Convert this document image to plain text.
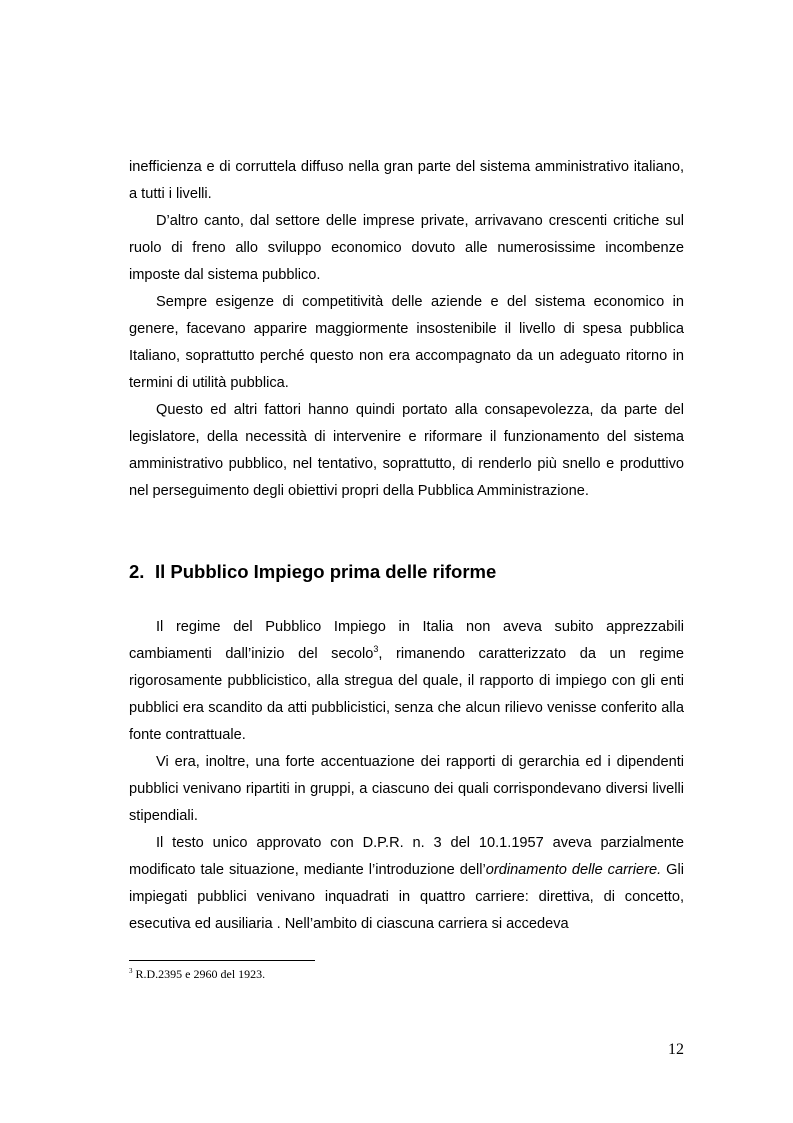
inefficienza e di corruttela diffuso nella gran parte del sistema amministrativo italiano, a tutti i livelli.

D’altro canto, dal settore delle imprese private, arrivavano crescenti critiche sul ruolo di freno allo sviluppo economico dovuto alle numerosissime incombenze imposte dal sistema pubblico.

Sempre esigenze di competitività delle aziende e del sistema economico in genere, facevano apparire maggiormente insostenibile il livello di spesa pubblica Italiano, soprattutto perché questo non era accompagnato da un adeguato ritorno in termini di utilità pubblica.

Questo ed altri fattori hanno quindi portato alla consapevolezza, da parte del legislatore, della necessità di intervenire e riformare il funzionamento del sistema amministrativo pubblico, nel tentativo, soprattutto, di renderlo più snello e produttivo nel perseguimento degli obiettivi propri della Pubblica Amministrazione.

2. Il Pubblico Impiego prima delle riforme

Il regime del Pubblico Impiego in Italia non aveva subito apprezzabili cambiamenti dall’inizio del secolo$^3$, rimanendo caratterizzato da un regime rigorosamente pubblicistico, alla stregua del quale, il rapporto di impiego con gli enti pubblici era scandito da atti pubblicistici, senza che alcun rilievo venisse conferito alla fonte contrattuale.

Vi era, inoltre, una forte accentuazione dei rapporti di gerarchia ed i dipendenti pubblici venivano ripartiti in gruppi, a ciascuno dei quali corrispondevano diversi livelli stipendiali.

Il testo unico approvato con D.P.R. n. 3 del 10.1.1957 aveva parzialmente modificato tale situazione, mediante l’introduzione dell’ordinamento delle carriere. Gli impiegati pubblici venivano inquadrati in quattro carriere: direttiva, di concetto, esecutiva ed ausiliaria . Nell’ambito di ciascuna carriera si accedeva

$^3$ R.D.2395 e 2960 del 1923.

12
